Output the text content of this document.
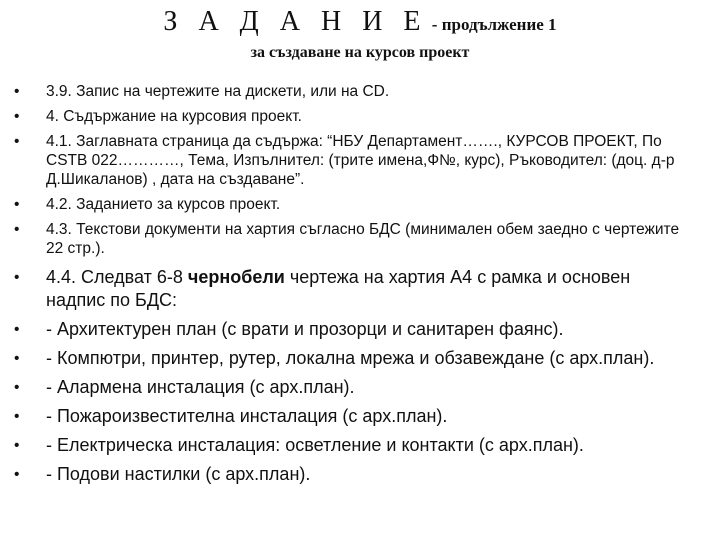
З А Д А Н И Е - продължение 1
за създаване на курсов проект
• 3.9. Запис на чертежите на дискети, или на CD.
• 4. Съдържание на курсовия проект.
• 4.1. Заглавната страница да съдържа: “НБУ Департамент……., КУРСОВ ПРОЕКТ, По CSTB 022…………, Тема, Изпълнител: (трите имена,Ф№, курс), Ръководител: (доц. д-р Д.Шикаланов) , дата на създаване”.
• 4.2. Заданието за курсов проект.
• 4.3. Текстови документи на хартия съгласно БДС (минимален обем заедно с чертежите 22 стр.).
• 4.4. Следват 6-8 чернобели чертежа на хартия А4 с рамка и основен надпис по БДС:
• - Архитектурен план (с врати и прозорци и санитарен фаянс).
• - Компютри, принтер, рутер, локална мрежа и обзавеждане (с арх.план).
• - Алармена инсталация (с арх.план).
• - Пожароизвестителна инсталация (с арх.план).
• - Електрическа инсталация: осветление и контакти (с арх.план).
• - Подови настилки (с арх.план).
